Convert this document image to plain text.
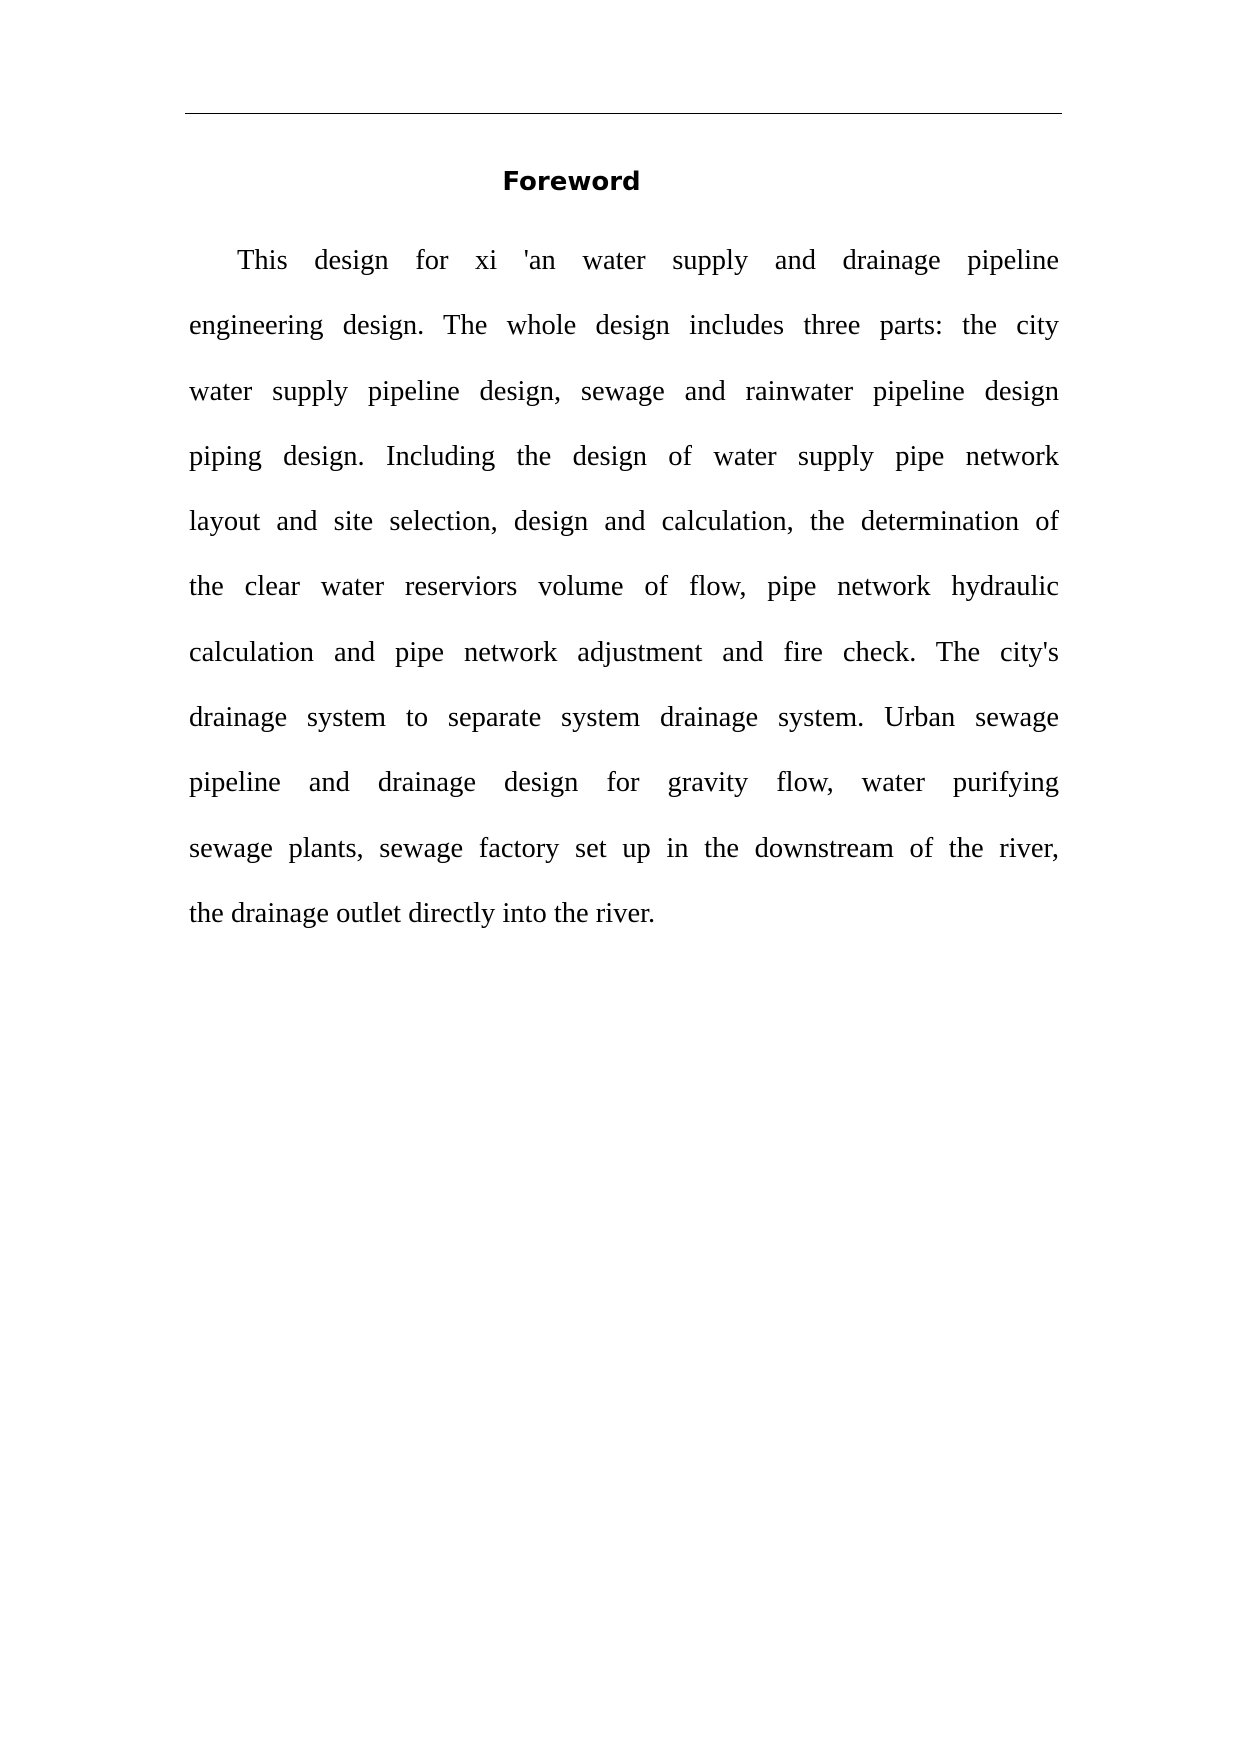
Foreword
This design for xi 'an water supply and drainage pipeline
engineering design. The whole design includes three parts: the city
water supply pipeline design, sewage and rainwater pipeline design
piping design. Including the design of water supply pipe network
layout and site selection, design and calculation, the determination of
the clear water reserviors volume of flow, pipe network hydraulic
calculation and pipe network adjustment and fire check. The city's
drainage system to separate system drainage system. Urban sewage
pipeline and drainage design for gravity flow, water purifying
sewage plants, sewage factory set up in the downstream of the river,
the drainage outlet directly into the river.
